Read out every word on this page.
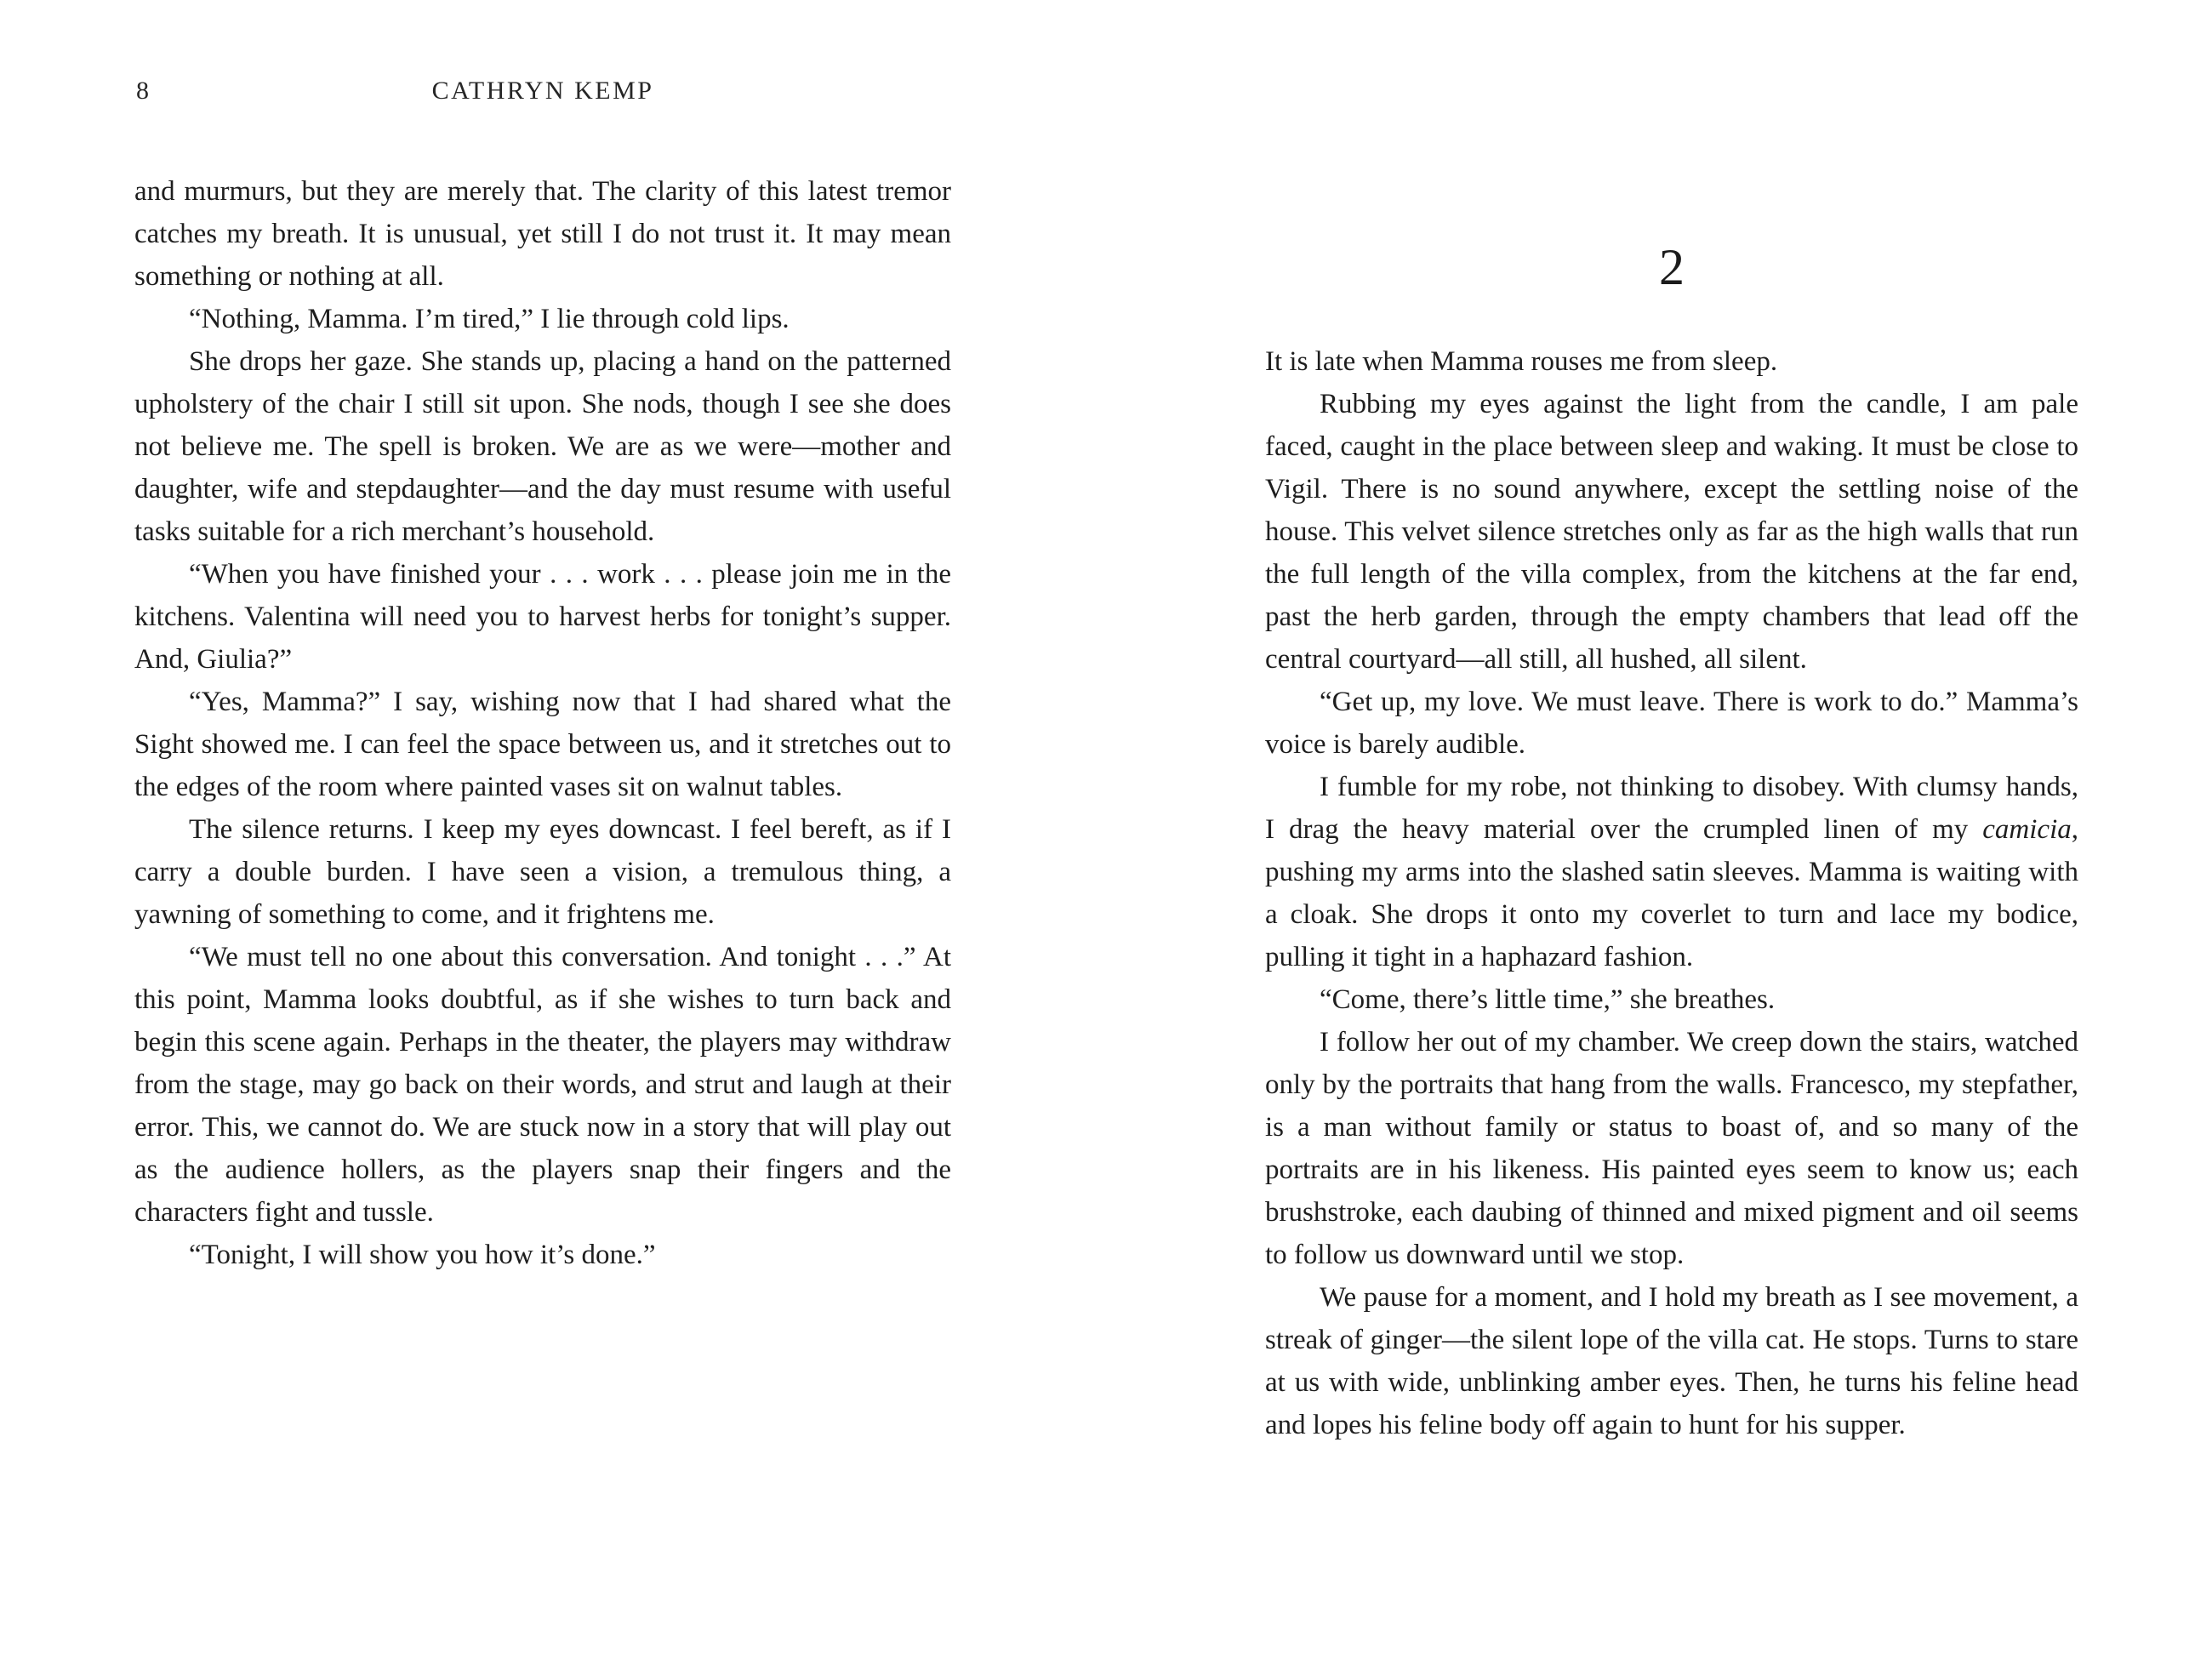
8	CATHRYN KEMP

and murmurs, but they are merely that. The clarity of this latest tremor catches my breath. It is unusual, yet still I do not trust it. It may mean something or nothing at all.

“Nothing, Mamma. I’m tired,” I lie through cold lips.

She drops her gaze. She stands up, placing a hand on the patterned upholstery of the chair I still sit upon. She nods, though I see she does not believe me. The spell is broken. We are as we were—mother and daughter, wife and stepdaughter—and the day must resume with useful tasks suitable for a rich merchant’s household.

“When you have finished your . . . work . . . please join me in the kitchens. Valentina will need you to harvest herbs for tonight’s supper. And, Giulia?”

“Yes, Mamma?” I say, wishing now that I had shared what the Sight showed me. I can feel the space between us, and it stretches out to the edges of the room where painted vases sit on walnut tables.

The silence returns. I keep my eyes downcast. I feel bereft, as if I carry a double burden. I have seen a vision, a tremulous thing, a yawning of something to come, and it frightens me.

“We must tell no one about this conversation. And tonight . . .” At this point, Mamma looks doubtful, as if she wishes to turn back and begin this scene again. Perhaps in the theater, the players may withdraw from the stage, may go back on their words, and strut and laugh at their error. This, we cannot do. We are stuck now in a story that will play out as the audience hollers, as the players snap their fingers and the characters fight and tussle.

“Tonight, I will show you how it’s done.”

2

It is late when Mamma rouses me from sleep.

Rubbing my eyes against the light from the candle, I am pale faced, caught in the place between sleep and waking. It must be close to Vigil. There is no sound anywhere, except the settling noise of the house. This velvet silence stretches only as far as the high walls that run the full length of the villa complex, from the kitchens at the far end, past the herb garden, through the empty chambers that lead off the central courtyard—all still, all hushed, all silent.

“Get up, my love. We must leave. There is work to do.” Mamma’s voice is barely audible.

I fumble for my robe, not thinking to disobey. With clumsy hands, I drag the heavy material over the crumpled linen of my camicia, pushing my arms into the slashed satin sleeves. Mamma is waiting with a cloak. She drops it onto my coverlet to turn and lace my bodice, pulling it tight in a haphazard fashion.

“Come, there’s little time,” she breathes.

I follow her out of my chamber. We creep down the stairs, watched only by the portraits that hang from the walls. Francesco, my stepfather, is a man without family or status to boast of, and so many of the portraits are in his likeness. His painted eyes seem to know us; each brushstroke, each daubing of thinned and mixed pigment and oil seems to follow us downward until we stop.

We pause for a moment, and I hold my breath as I see movement, a streak of ginger—the silent lope of the villa cat. He stops. Turns to stare at us with wide, unblinking amber eyes. Then, he turns his feline head and lopes his feline body off again to hunt for his supper.
